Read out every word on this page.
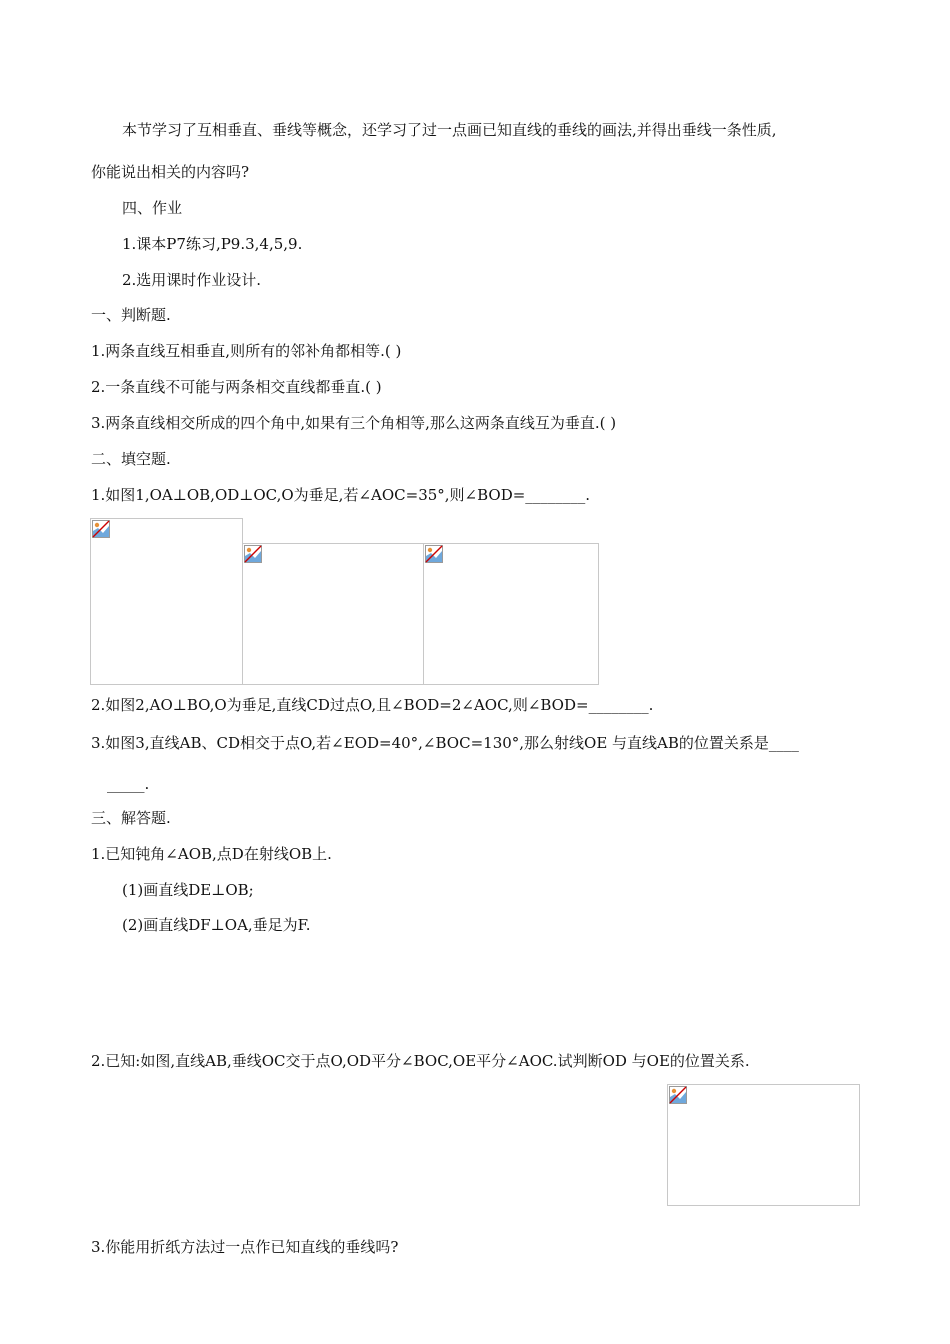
本节学习了互相垂直、垂线等概念，还学习了过一点画已知直线的垂线的画法,并得出垂线一条性质,
你能说出相关的内容吗?
四、作业
1.课本P7练习,P9.3,4,5,9.
2.选用课时作业设计.
一、判断题.
1.两条直线互相垂直,则所有的邻补角都相等.( )
2.一条直线不可能与两条相交直线都垂直.( )
3.两条直线相交所成的四个角中,如果有三个角相等,那么这两条直线互为垂直.( )
二、填空题.
1.如图1,OA⊥OB,OD⊥OC,O为垂足,若∠AOC=35°,则∠BOD=________.
2.如图2,AO⊥BO,O为垂足,直线CD过点O,且∠BOD=2∠AOC,则∠BOD=________.
3.如图3,直线AB、CD相交于点O,若∠EOD=40°,∠BOC=130°,那么射线OE 与直线AB的位置关系是____
_____.
三、解答题.
1.已知钝角∠AOB,点D在射线OB上.
(1)画直线DE⊥OB;
(2)画直线DF⊥OA,垂足为F.
2.已知:如图,直线AB,垂线OC交于点O,OD平分∠BOC,OE平分∠AOC.试判断OD 与OE的位置关系.
3.你能用折纸方法过一点作已知直线的垂线吗?
